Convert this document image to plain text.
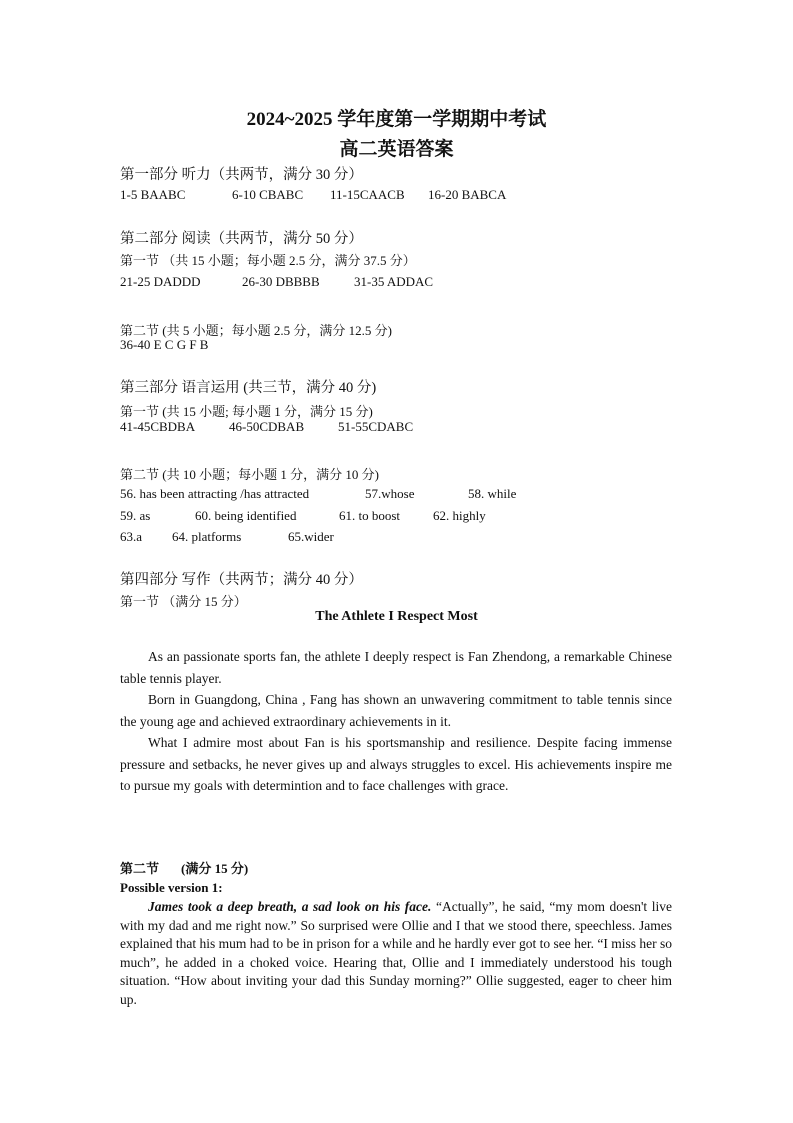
2024~2025 学年度第一学期期中考试
高二英语答案
第一部分 听力（共两节，满分 30 分）
1-5 BAABC	6-10 CBABC 11-15CAACB 16-20 BABCA
第二部分 阅读（共两节，满分 50 分）
第一节 （共 15 小题；每小题 2.5 分，满分 37.5 分）
21-25 DADDD	26-30 DBBBB	31-35 ADDAC
第二节 (共 5 小题；每小题 2.5 分，满分 12.5 分)
36-40 E C G F B
第三部分 语言运用 (共三节，满分 40 分)
第一节 (共 15 小题; 每小题 1 分，满分 15 分)
41-45CBDBA	46-50CDBAB	51-55CDABC
第二节 (共 10 小题；每小题 1 分，满分 10 分)
56. has been attracting /has attracted	57.whose	58. while
59. as	60. being identified	61. to boost	62. highly
63.a 64. platforms	65.wider
第四部分 写作（共两节；满分 40 分）
第一节 （满分 15 分）
The Athlete I Respect Most

As an passionate sports fan, the athlete I deeply respect is Fan Zhendong, a remarkable Chinese table tennis player.

Born in Guangdong, China , Fang has shown an unwavering commitment to table tennis since the young age and achieved extraordinary achievements in it.

What I admire most about Fan is his sportsmanship and resilience. Despite facing immense pressure and setbacks, he never gives up and always struggles to excel. His achievements inspire me to pursue my goals with determintion and to face challenges with grace.

第二节 (满分 15 分)
Possible version 1:

James took a deep breath, a sad look on his face. “Actually”, he said, “my mom doesn't live with my dad and me right now.” So surprised were Ollie and I that we stood there, speechless. James explained that his mum had to be in prison for a while and he hardly ever got to see her. “I miss her so much”, he added in a choked voice. Hearing that, Ollie and I immediately understood his tough situation. “How about inviting your dad this Sunday morning?” Ollie suggested, eager to cheer him up.
